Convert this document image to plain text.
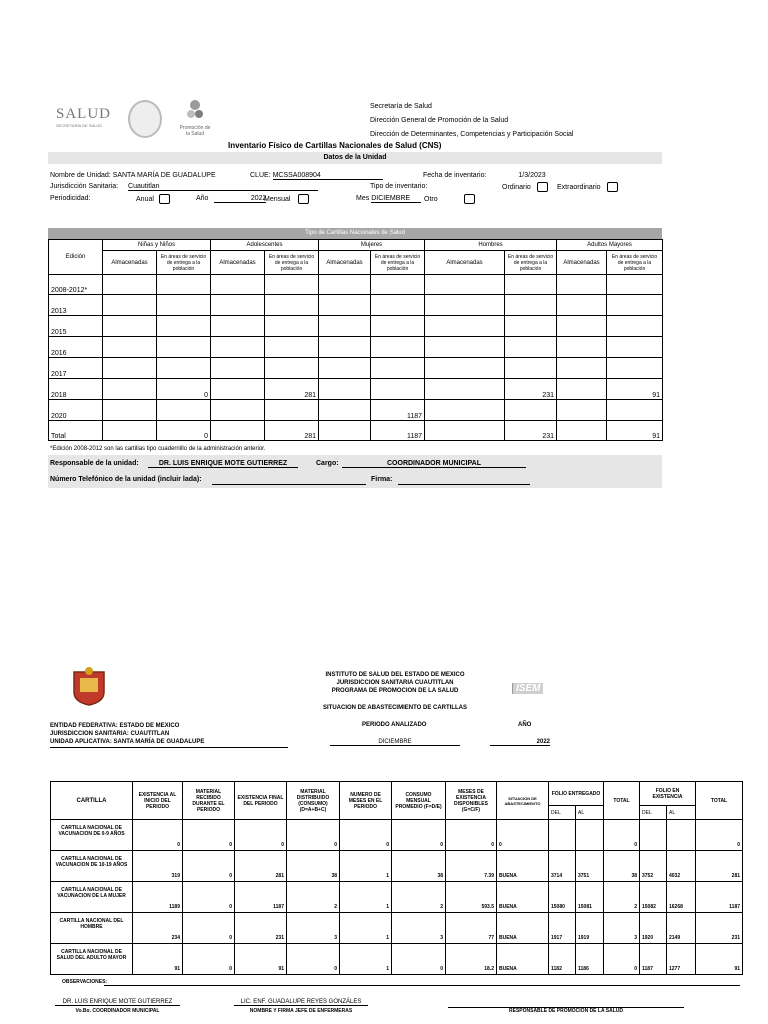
SALUD
SECRETARÍA DE SALUD	Promoción de la Salud
Secretaría de Salud
Dirección General de Promoción de la Salud
Dirección de Determinantes, Competencias y Participación Social
Inventario Físico de Cartillas Nacionales de Salud (CNS)
Datos de la Unidad
Nombre de Unidad: SANTA MARÍA DE GUADALUPE	CLUE: MCSSA008904	Fecha de inventario:	1/3/2023
Jurisdicción Sanitaria: Cuautitlan	Tipo de inventario:	Ordinario	Extraordinario
Periodicidad:	Anual	Año	2022
Mensual	Mes DICIEMBRE	Otro
Tipo de Cartillas Nacionales de Salud
Edición	Niñas y Niños		Adolescentes		Mujeres		Hombres		Adultos Mayores	
	Almacenadas	En áreas de servicio de entrega a la población	Almacenadas	En áreas de servicio de entrega a la población	Almacenadas	En áreas de servicio de entrega a la población	Almacenadas	En áreas de servicio de entrega a la población	Almacenadas	En áreas de servicio de entrega a la población
2008-2012*										
2013										
2015										
2016										
2017										
2018		0		281				231		91
2020						1187				
Total		0		281		1187		231		91
*Edición 2008-2012 son las cartillas tipo cuadernillo de la administración anterior.
Responsable de la unidad:	DR. LUIS ENRIQUE MOTE GUTIERREZ	Cargo:	COORDINADOR MUNICIPAL
Número Telefónico de la unidad (incluir lada):	Firma:
INSTITUTO DE SALUD DEL ESTADO DE MEXICO
JURISDICCION SANITARIA CUAUTITLAN
PROGRAMA DE PROMOCION DE LA SALUD
SITUACION DE ABASTECIMIENTO DE CARTILLAS
ISEM
ENTIDAD FEDERATIVA: ESTADO DE MEXICO
JURISDICCION SANITARIA: CUAUTITLAN
UNIDAD APLICATIVA: SANTA MARÍA DE GUADALUPE
PERIODO ANALIZADO
DICIEMBRE
AÑO
2022
CARTILLA	EXISTENCIA AL INICIO DEL PERIODO	MATERIAL RECIBIDO DURANTE EL PERIODO	EXISTENCIA FINAL DEL PERIODO	MATERIAL DISTRIBUIDO (CONSUMO) (D=A+B+C)	NUMERO DE MESES EN EL PERIODO	CONSUMO MENSUAL PROMEDIO (F=D/E)	MESES DE EXISTENCIA DISPONIBLES (G=C/F)	SITUACION DE ABASTECIMIENTO	FOLIO ENTREGADO		TOTAL	FOLIO EN EXISTENCIA		TOTAL
									DEL	AL		DEL	AL	
CARTILLA NACIONAL DE VACUNACION DE 0-9 AÑOS	0	0	0	0	0	0	0	0			0			0
CARTILLA NACIONAL DE VACUNACION DE 10-19 AÑOS	319	0	281	38	1	38	7.39	BUENA	3714	3751	38	3752	4032	281
CARTILLA NACIONAL DE VACUNACION DE LA MUJER	1189	0	1187	2	1	2	593.5	BUENA	15080	15081	2	15082	16268	1187
CARTILLA NACIONAL DEL HOMBRE	234	0	231	3	1	3	77	BUENA	1917	1919	3	1920	2149	231
CARTILLA NACIONAL DE SALUD DEL ADULTO MAYOR	91	0	91	0	1	0	18.2	BUENA	1182	1186	0	1187	1277	91
OBSERVACIONES:
DR. LUIS ENRIQUE MOTE GUTIERREZ
Vo.Bo. COORDINADOR MUNICIPAL
LIC. ENF. GUADALUPE REYES GONZÁLES
NOMBRE Y FIRMA JEFE DE ENFERMERAS	RESPONSABLE DE PROMOCION DE LA SALUD
